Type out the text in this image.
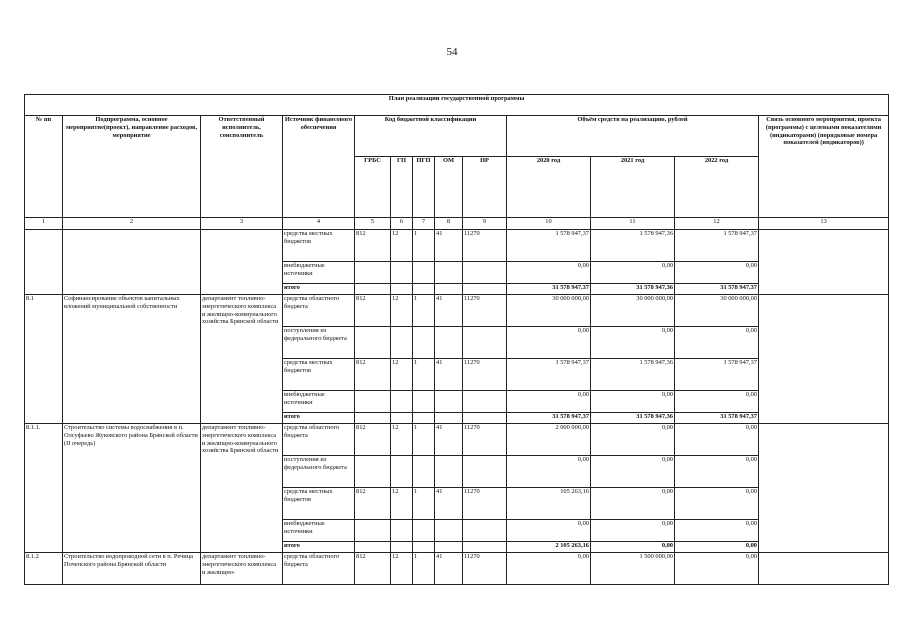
54
План реализации государственной программы												
№ пп	Подпрограмма, основное мероприятие(проект), направление расходов, мероприятие	Ответственный исполнитель, соисполнитель	Источник финансового обеспечения	Код бюджетной классификации					Объём средств на реализацию, рублей			Связь основного мероприятия, проекта (программы) с целевыми показателями (индикаторами) (порядковые номера показателей (индикаторов))
				ГРБС	ГП	ПГП	ОМ	НР	2020 год	2021 год	2022 год	
1	2	3	4	5	6	7	8	9	10	11	12	13
			средства местных бюджетов	812	12	1	41	11270	1 578 947,37	1 578 947,36	1 578 947,37	
			внебюджетные источники						0,00	0,00	0,00	
			итого						31 578 947,37	31 578 947,36	31 578 947,37	
8.1	Софинансирование объектов капитальных вложений муниципальной собственности	департамент топливно-энергетического комплекса и жилищно-коммунального хозяйства Брянской области	средства областного бюджета	812	12	1	41	11270	30 000 000,00	30 000 000,00	30 000 000,00	
			поступления из федерального бюджета						0,00	0,00	0,00	
			средства местных бюджетов	812	12	1	41	11270	1 578 947,37	1 578 947,36	1 578 947,37	
			внебюджетные источники						0,00	0,00	0,00	
			итого						31 578 947,37	31 578 947,36	31 578 947,37	
8.1.1.	Строительство системы водоснабжения в п. Олсуфьево Жуковского района Брянской области (II очередь)	департамент топливно-энергетического комплекса и жилищно-коммунального хозяйства Брянской области	средства областного бюджета	812	12	1	41	11270	2 000 000,00	0,00	0,00	
			поступления из федерального бюджета						0,00	0,00	0,00	
			средства местных бюджетов	812	12	1	41	11270	105 263,16	0,00	0,00	
			внебюджетные источники						0,00	0,00	0,00	
			итого						2 105 263,16	0,00	0,00	
8.1.2	Строительство водопроводной сети в п. Речица Почепского района Брянской области	департамент топливно-энергетического комплекса и жилищно-	средства областного бюджета	812	12	1	41	11270	0,00	1 500 000,00	0,00	
